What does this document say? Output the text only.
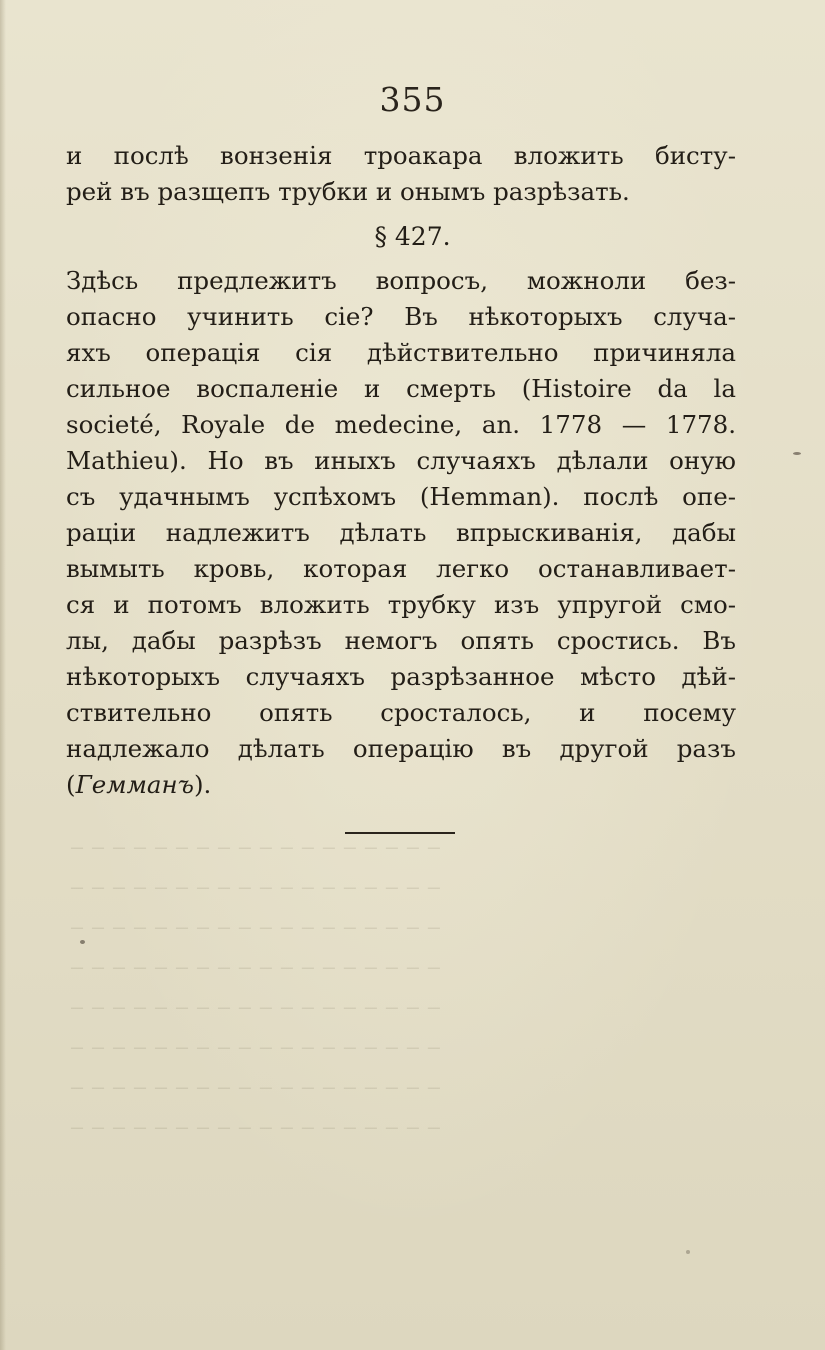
‒ ‒ ‒ ‒ ‒ ‒ ‒ ‒ ‒ ‒ ‒ ‒ ‒ ‒ ‒ ‒ ‒ ‒
‒ ‒ ‒ ‒ ‒ ‒ ‒ ‒ ‒ ‒ ‒ ‒ ‒ ‒ ‒ ‒ ‒ ‒
‒ ‒ ‒ ‒ ‒ ‒ ‒ ‒ ‒ ‒ ‒ ‒ ‒ ‒ ‒ ‒ ‒ ‒
‒ ‒ ‒ ‒ ‒ ‒ ‒ ‒ ‒ ‒ ‒ ‒ ‒ ‒ ‒ ‒ ‒ ‒
‒ ‒ ‒ ‒ ‒ ‒ ‒ ‒ ‒ ‒ ‒ ‒ ‒ ‒ ‒ ‒ ‒ ‒
‒ ‒ ‒ ‒ ‒ ‒ ‒ ‒ ‒ ‒ ‒ ‒ ‒ ‒ ‒ ‒ ‒ ‒
‒ ‒ ‒ ‒ ‒ ‒ ‒ ‒ ‒ ‒ ‒ ‒ ‒ ‒ ‒ ‒ ‒ ‒
‒ ‒ ‒ ‒ ‒ ‒ ‒ ‒ ‒ ‒ ‒ ‒ ‒ ‒ ‒ ‒ ‒ ‒
355
и послѣ вонзенія троакара вложить бисту-
рей въ разщепъ трубки и онымъ разрѣзать.
§ 427.
Здѣсь предлежитъ вопросъ, можноли без-
опасно учинить сіе? Въ нѣкоторыхъ случа-
яхъ операція сія дѣйствительно причиняла
сильное воспаленіе и смерть (Histoire da la
societé, Royale de medecine, an. 1778 — 1778.
Mathieu). Но въ иныхъ случаяхъ дѣлали оную
съ удачнымъ успѣхомъ (Hemman). послѣ опе-
раціи надлежитъ дѣлать впрыскиванія, дабы
вымыть кровь, которая легко останавливает-
ся и потомъ вложить трубку изъ упругой смо-
лы, дабы разрѣзъ немогъ опять сростись. Въ
нѣкоторыхъ случаяхъ разрѣзанное мѣсто дѣй-
ствительно опять сросталось, и посему
надлежало дѣлать операцію въ другой разъ
(Гемманъ).
